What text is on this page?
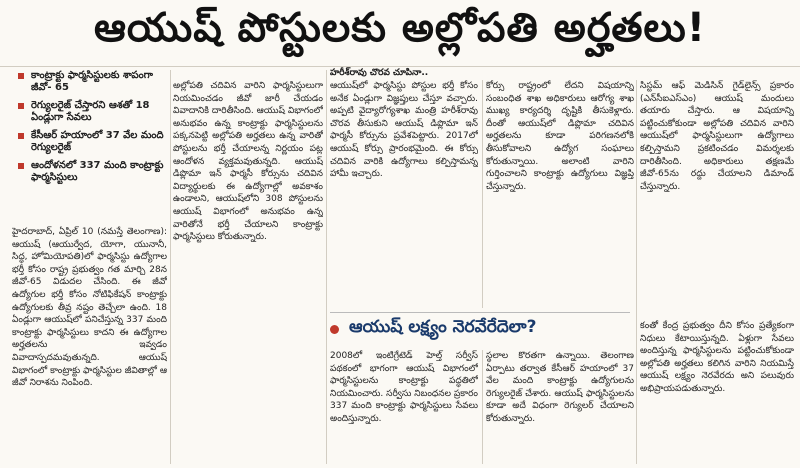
ఆయుష్ పోస్టులకు అల్లోపతి అర్హతలు!
కాంట్రాక్టు ఫార్మసిస్టులకు శాపంగా జీవో- 65
రెగ్యులరైజ్ చేస్తారని ఆశతో 18 ఏండ్లుగా సేవలు
కేసీఆర్ హయాంలో 37 వేల మంది రెగ్యులరైజ్
ఆందోళనలో 337 మంది కాంట్రాక్టు ఫార్మసిస్టులు

హైదరాబాద్, ఏప్రిల్ 10 (నమస్తే తెలంగాణ): ఆయుష్ (ఆయుర్వేద, యోగా, యునానీ, సిద్ధ, హోమియోపతి)లో ఫార్మసిస్టు ఉద్యోగాల భర్తీ కోసం రాష్ట్ర ప్రభుత్వం గత మార్చి 28న జీవో-65 విడుదల చేసింది. ఈ జీవో ఉద్యోగుల భర్తీ కోసం నోటిఫికేషన్ కాంట్రాక్టు ఉద్యోగులకు తీవ్ర నష్టం తెచ్చేలా ఉంది. 18 ఏండ్లుగా ఆయుష్‌లో పనిచేస్తున్న 337 మంది కాంట్రాక్టు ఫార్మసిస్టులు కాదని ఈ ఉద్యోగాల అర్హతలను ఇవ్వడం వివాదాస్పదమవుతున్నది. ఆయుష్ విభాగంలో కాంట్రాక్టు ఫార్మసిస్టుల జీవితాల్లో ఆ జీవో నిరాశను నింపింది.

అల్లోపతి చదివిన వారిని ఫార్మసిస్టులుగా నియమించడం జీవో జారీ చేయడం వివాదానికి దారితీసింది. ఆయుష్ విభాగంలో అనుభవం ఉన్న కాంట్రాక్టు ఫార్మసిస్టులను పక్కనపెట్టి అల్లోపతి అర్హతలు ఉన్న వారితో పోస్టులను భర్తీ చేయాలన్న నిర్ణయం పట్ల ఆందోళన వ్యక్తమవుతున్నది. ఆయుష్ డిప్లొమా ఇన్ ఫార్మసీ కోర్సును చదివిన విద్యార్థులకు ఈ ఉద్యోగాల్లో అవకాశం ఉండాలని, ఆయుష్‌లోని 308 పోస్టులను ఆయుష్ విభాగంలో అనుభవం ఉన్న వారితోనే భర్తీ చేయాలని కాంట్రాక్టు ఫార్మసిస్టులు కోరుతున్నారు.

హరీశ్‌రావు చొరవ చూపినా..

ఆయుష్‌లో ఫార్మసిస్టు పోస్టుల భర్తీ కోసం అనేక ఏండ్లుగా విజ్ఞప్తులు చేస్తూ వచ్చారు. అప్పటి వైద్యారోగ్యశాఖ మంత్రి హరీశ్‌రావు చొరవ తీసుకుని ఆయుష్ డిప్లొమా ఇన్ ఫార్మసీ కోర్సును ప్రవేశపెట్టారు. 2017లో ఆయుష్ కోర్సు ప్రారంభమైంది. ఈ కోర్సు చదివిన వారికి ఉద్యోగాలు కల్పిస్తామన్న హామీ ఇచ్చారు.

కోర్సు రాష్ట్రంలో లేదని విషయాన్ని సంబంధిత శాఖ అధికారులు ఆరోగ్య శాఖ ముఖ్య కార్యదర్శి దృష్టికి తీసుకెళ్లారు. దీంతో ఆయుష్‌లో డిప్లొమా చదివిన అర్హతలను కూడా పరిగణనలోకి తీసుకోవాలని ఉద్యోగ సంఘాలు కోరుతున్నాయి. అలాంటి వారిని గుర్తించాలని కాంట్రాక్టు ఉద్యోగులు విజ్ఞప్తి చేస్తున్నారు.

సిస్టమ్ ఆఫ్ మెడిసిన్ గైడ్‌లైన్స్ ప్రకారం (ఎన్‌సీఐఎస్‌ఎం) ఆయుష్ మందులు తయారు చేస్తారు. ఆ విషయాన్ని పట్టించుకోకుండా అల్లోపతి చదివిన వారిని ఆయుష్‌లో ఫార్మసిస్టులుగా ఉద్యోగాలు కల్పిస్తామని ప్రకటించడం విమర్శలకు దారితీసింది. అధికారులు తక్షణమే జీవో-65ను రద్దు చేయాలని డిమాండ్ చేస్తున్నారు.

ఆయుష్ లక్ష్యం నెరవేరేదెలా?

2008లో ఇంటిగ్రేటెడ్ హెల్త్ సర్వీస్ పథకంలో భాగంగా ఆయుష్ విభాగంలో ఫార్మసిస్టులను కాంట్రాక్టు పద్ధతిలో నియమించారు. సర్వీసు నిబంధనల ప్రకారం 337 మంది కాంట్రాక్టు ఫార్మసిస్టులు సేవలు అందిస్తున్నారు.

స్థలాల కొరతగా ఉన్నాయి. తెలంగాణ ఏర్పాటు తర్వాత కేసీఆర్ హయాంలో 37 వేల మంది కాంట్రాక్టు ఉద్యోగులను రెగ్యులరైజ్ చేశారు. ఆయుష్ ఫార్మసిస్టులను కూడా అదే విధంగా రెగ్యులర్ చేయాలని కోరుతున్నారు.

కంతో కేంద్ర ప్రభుత్వం దీని కోసం ప్రత్యేకంగా నిధులు కేటాయిస్తున్నది. ఏళ్లుగా సేవలు అందిస్తున్న ఫార్మసిస్టులను పట్టించుకోకుండా అల్లోపతి అర్హతలు కలిగిన వారిని నియమిస్తే ఆయుష్ లక్ష్యం నెరవేరదు అని పలువురు అభిప్రాయపడుతున్నారు.
